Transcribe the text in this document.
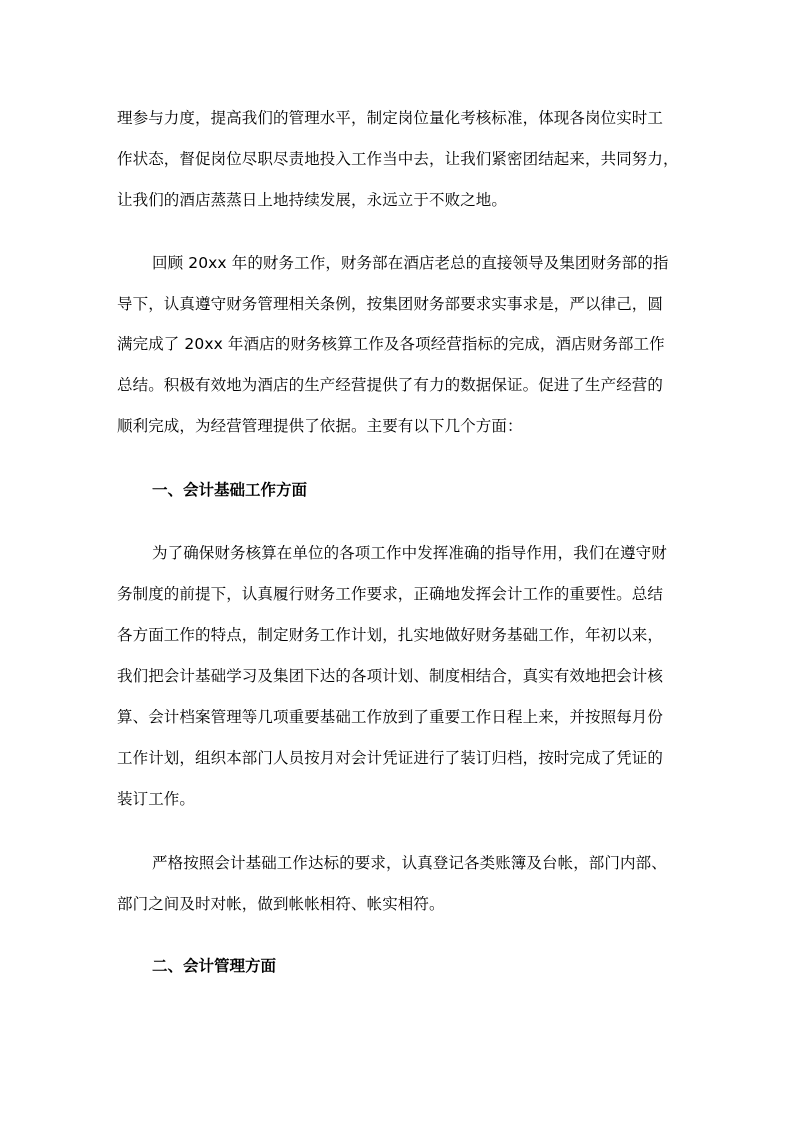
理参与力度，提高我们的管理水平，制定岗位量化考核标准，体现各岗位实时工
作状态，督促岗位尽职尽责地投入工作当中去，让我们紧密团结起来，共同努力，
让我们的酒店蒸蒸日上地持续发展，永远立于不败之地。
回顾 20xx 年的财务工作，财务部在酒店老总的直接领导及集团财务部的指
导下，认真遵守财务管理相关条例，按集团财务部要求实事求是，严以律己，圆
满完成了 20xx 年酒店的财务核算工作及各项经营指标的完成，酒店财务部工作
总结。积极有效地为酒店的生产经营提供了有力的数据保证。促进了生产经营的
顺利完成，为经营管理提供了依据。主要有以下几个方面：
一、会计基础工作方面
为了确保财务核算在单位的各项工作中发挥准确的指导作用，我们在遵守财
务制度的前提下，认真履行财务工作要求，正确地发挥会计工作的重要性。总结
各方面工作的特点，制定财务工作计划，扎实地做好财务基础工作，年初以来，
我们把会计基础学习及集团下达的各项计划、制度相结合，真实有效地把会计核
算、会计档案管理等几项重要基础工作放到了重要工作日程上来，并按照每月份
工作计划，组织本部门人员按月对会计凭证进行了装订归档，按时完成了凭证的
装订工作。
严格按照会计基础工作达标的要求，认真登记各类账簿及台帐，部门内部、
部门之间及时对帐，做到帐帐相符、帐实相符。
二、会计管理方面
